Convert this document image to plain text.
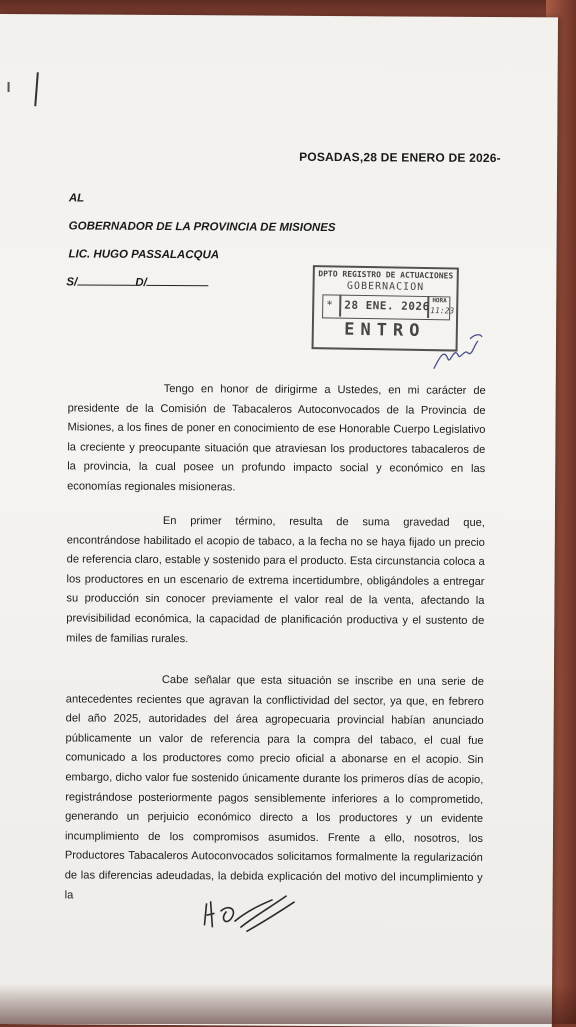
POSADAS,28 DE ENERO DE 2026-
AL
GOBERNADOR DE LA PROVINCIA DE MISIONES
LIC. HUGO PASSALACQUA
S/	D/
DPTO REGISTRO DE ACTUACIONES
GOBERNACION
* 28 ENE. 2026 HORA
11:23
ENTRO
Tengo en honor de dirigirme a Ustedes, en mi carácter de presidente de la Comisión de Tabacaleros Autoconvocados de la Provincia de Misiones, a los fines de poner en conocimiento de ese Honorable Cuerpo Legislativo la creciente y preocupante situación que atraviesan los productores tabacaleros de la provincia, la cual posee un profundo impacto social y económico en las economías regionales misioneras.
En primer término, resulta de suma gravedad que, encontrándose habilitado el acopio de tabaco, a la fecha no se haya fijado un precio de referencia claro, estable y sostenido para el producto. Esta circunstancia coloca a los productores en un escenario de extrema incertidumbre, obligándoles a entregar su producción sin conocer previamente el valor real de la venta, afectando la previsibilidad económica, la capacidad de planificación productiva y el sustento de miles de familias rurales.
Cabe señalar que esta situación se inscribe en una serie de antecedentes recientes que agravan la conflictividad del sector, ya que, en febrero del año 2025, autoridades del área agropecuaria provincial habían anunciado públicamente un valor de referencia para la compra del tabaco, el cual fue comunicado a los productores como precio oficial a abonarse en el acopio. Sin embargo, dicho valor fue sostenido únicamente durante los primeros días de acopio, registrándose posteriormente pagos sensiblemente inferiores a lo comprometido, generando un perjuicio económico directo a los productores y un evidente incumplimiento de los compromisos asumidos. Frente a ello, nosotros, los Productores Tabacaleros Autoconvocados solicitamos formalmente la regularización de las diferencias adeudadas, la debida explicación del motivo del incumplimiento y la
